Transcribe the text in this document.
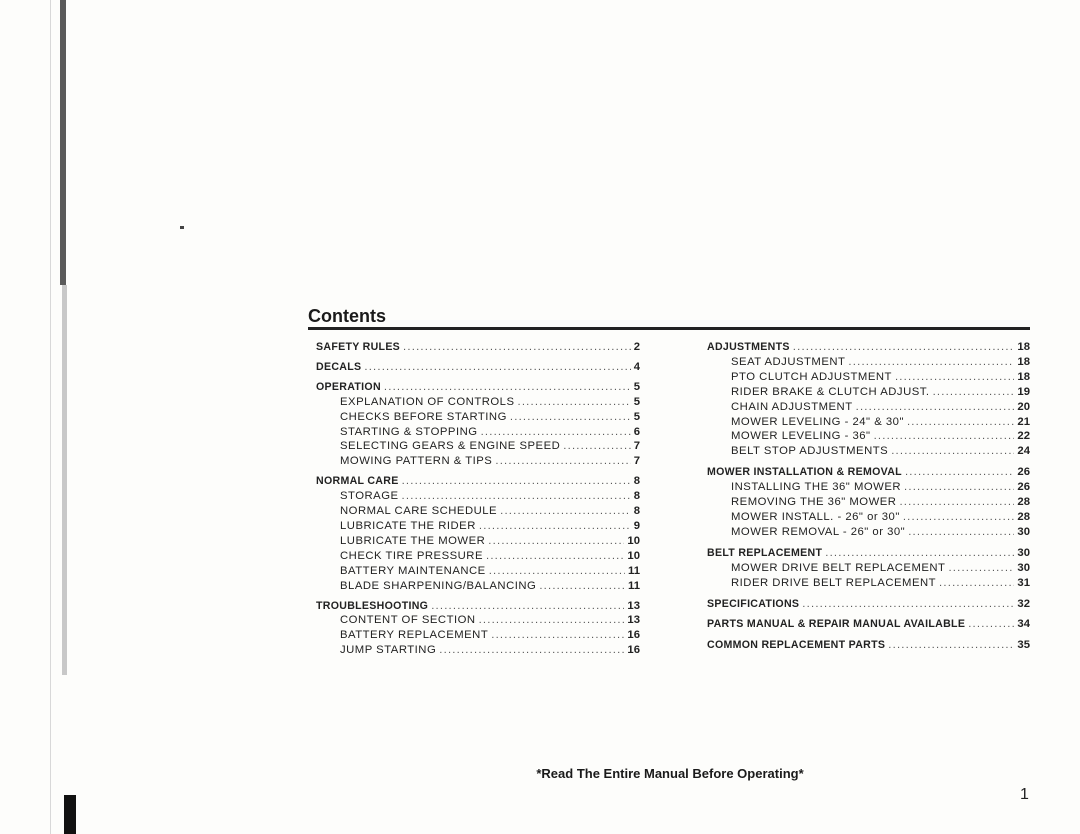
Contents
SAFETY RULES .....	2
DECALS .....	4
OPERATION .....	5
EXPLANATION OF CONTROLS .....	5
CHECKS BEFORE STARTING .....	5
STARTING & STOPPING .....	6
SELECTING GEARS & ENGINE SPEED .....	7
MOWING PATTERN & TIPS .....	7
NORMAL CARE .....	8
STORAGE .....	8
NORMAL CARE SCHEDULE .....	8
LUBRICATE THE RIDER .....	9
LUBRICATE THE MOWER .....	10
CHECK TIRE PRESSURE .....	10
BATTERY MAINTENANCE .....	11
BLADE SHARPENING/BALANCING .....	11
TROUBLESHOOTING .....	13
CONTENT OF SECTION .....	13
BATTERY REPLACEMENT .....	16
JUMP STARTING .....	16
ADJUSTMENTS .....	18
SEAT ADJUSTMENT .....	18
PTO CLUTCH ADJUSTMENT .....	18
RIDER BRAKE & CLUTCH ADJUST. .....	19
CHAIN ADJUSTMENT .....	20
MOWER LEVELING - 24" & 30" .....	21
MOWER LEVELING - 36" .....	22
BELT STOP ADJUSTMENTS .....	24
MOWER INSTALLATION & REMOVAL .....	26
INSTALLING THE 36" MOWER .....	26
REMOVING THE 36" MOWER .....	28
MOWER INSTALL. - 26" or 30" .....	28
MOWER REMOVAL - 26" or 30" .....	30
BELT REPLACEMENT .....	30
MOWER DRIVE BELT REPLACEMENT .....	30
RIDER DRIVE BELT REPLACEMENT .....	31
SPECIFICATIONS .....	32
PARTS MANUAL & REPAIR MANUAL AVAILABLE .....	34
COMMON REPLACEMENT PARTS .....	35
*Read The Entire Manual Before Operating*
1
